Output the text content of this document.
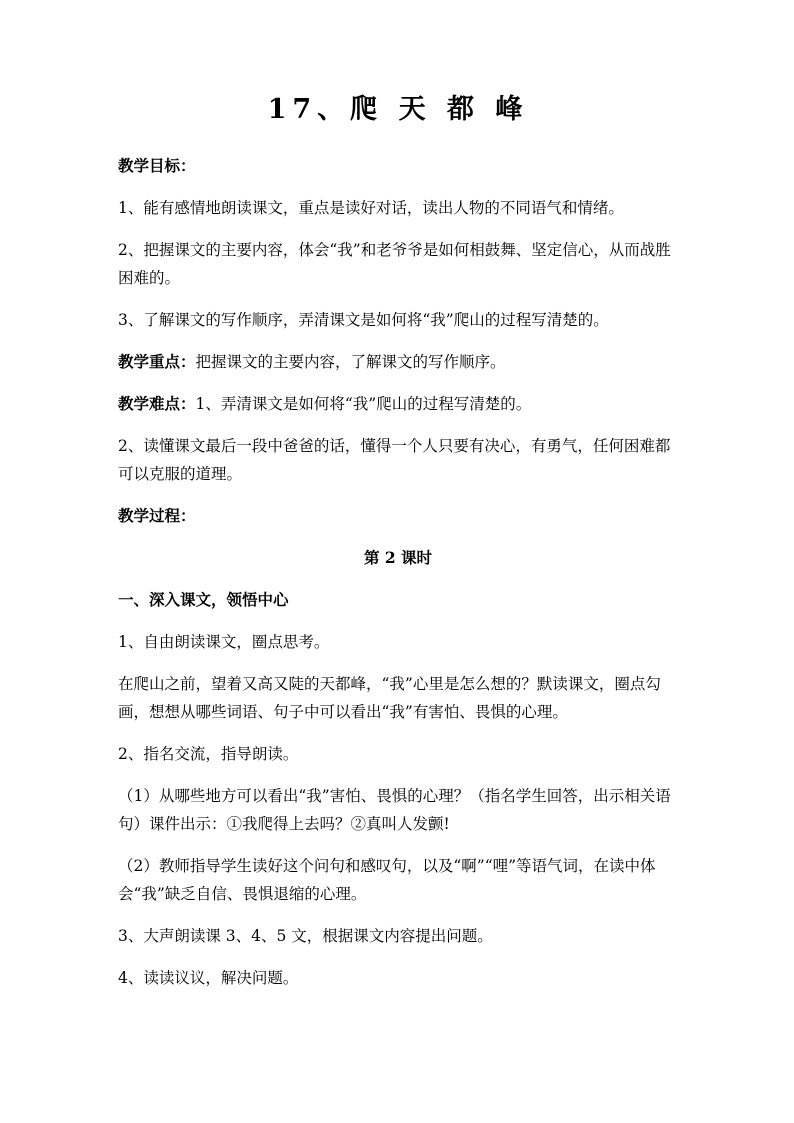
17、爬 天 都 峰
教学目标：
1、能有感情地朗读课文，重点是读好对话，读出人物的不同语气和情绪。
2、把握课文的主要内容，体会“我”和老爷爷是如何相鼓舞、坚定信心，从而战胜困难的。
3、了解课文的写作顺序，弄清课文是如何将“我”爬山的过程写清楚的。
教学重点：把握课文的主要内容，了解课文的写作顺序。
教学难点：1、弄清课文是如何将“我”爬山的过程写清楚的。
2、读懂课文最后一段中爸爸的话，懂得一个人只要有决心，有勇气，任何困难都可以克服的道理。
教学过程：
第 2 课时
一、深入课文，领悟中心
1、自由朗读课文，圈点思考。
在爬山之前，望着又高又陡的天都峰，“我”心里是怎么想的？默读课文，圈点勾画，想想从哪些词语、句子中可以看出“我”有害怕、畏惧的心理。
2、指名交流，指导朗读。
（1）从哪些地方可以看出“我”害怕、畏惧的心理？（指名学生回答，出示相关语句）课件出示：①我爬得上去吗？②真叫人发颤!
（2）教师指导学生读好这个问句和感叹句，以及“啊”“哩”等语气词，在读中体会“我”缺乏自信、畏惧退缩的心理。
3、大声朗读课 3、4、5 文，根据课文内容提出问题。
4、读读议议，解决问题。
